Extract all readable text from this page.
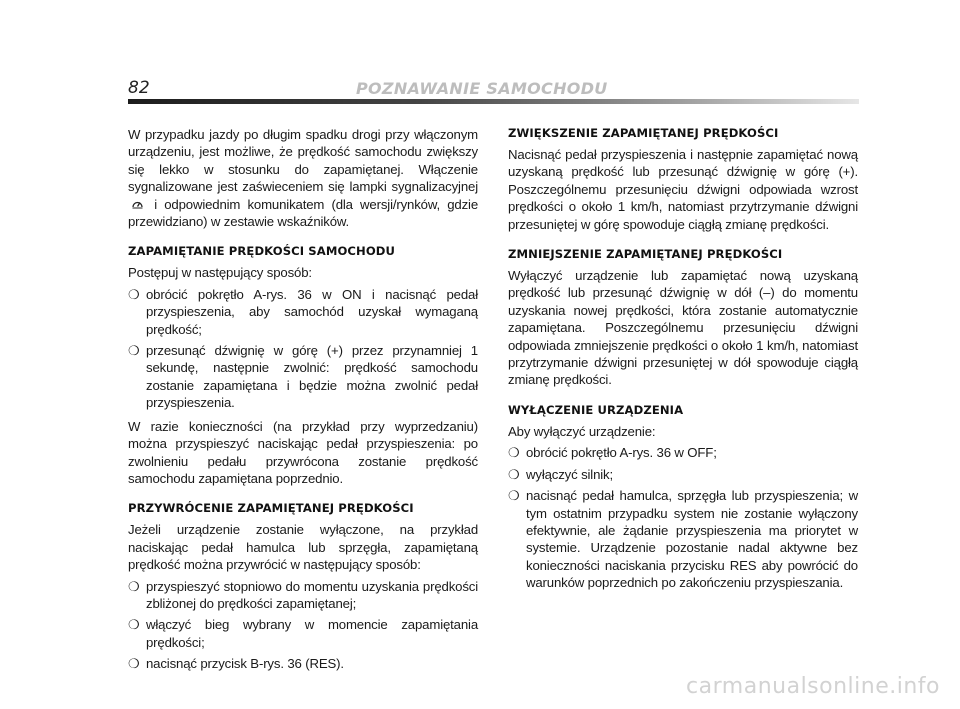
82	POZNAWANIE SAMOCHODU

W przypadku jazdy po długim spadku drogi przy włączonym urządzeniu, jest możliwe, że prędkość samochodu zwiększy się lekko w stosunku do zapamiętanej. Włączenie sygnalizowane jest zaświeceniem się lampki sygnalizacyjnej  i odpowiednim komunikatem (dla wersji/rynków, gdzie przewidziano) w zestawie wskaźników.

ZAPAMIĘTANIE PRĘDKOŚCI SAMOCHODU

Postępuj w następujący sposób:

❍ obrócić pokrętło A-rys. 36 w ON i nacisnąć pedał przyspieszenia, aby samochód uzyskał wymaganą prędkość;
❍ przesunąć dźwignię w górę (+) przez przynamniej 1 sekundę, następnie zwolnić: prędkość samochodu zostanie zapamiętana i będzie można zwolnić pedał przyspieszenia.

W razie konieczności (na przykład przy wyprzedzaniu) można przyspieszyć naciskając pedał przyspieszenia: po zwolnieniu pedału przywrócona zostanie prędkość samochodu zapamiętana poprzednio.

PRZYWRÓCENIE ZAPAMIĘTANEJ PRĘDKOŚCI

Jeżeli urządzenie zostanie wyłączone, na przykład naciskając pedał hamulca lub sprzęgła, zapamiętaną prędkość można przywrócić w następujący sposób:

❍ przyspieszyć stopniowo do momentu uzyskania prędkości zbliżonej do prędkości zapamiętanej;
❍ włączyć bieg wybrany w momencie zapamiętania prędkości;
❍ nacisnąć przycisk B-rys. 36 (RES).
ZWIĘKSZENIE ZAPAMIĘTANEJ PRĘDKOŚCI

Nacisnąć pedał przyspieszenia i następnie zapamiętać nową uzyskaną prędkość lub przesunąć dźwignię w górę (+). Poszczególnemu przesunięciu dźwigni odpowiada wzrost prędkości o około 1 km/h, natomiast przytrzymanie dźwigni przesuniętej w górę spowoduje ciągłą zmianę prędkości.

ZMNIEJSZENIE ZAPAMIĘTANEJ PRĘDKOŚCI

Wyłączyć urządzenie lub zapamiętać nową uzyskaną prędkość lub przesunąć dźwignię w dół (–) do momentu uzyskania nowej prędkości, która zostanie automatycznie zapamiętana. Poszczególnemu przesunięciu dźwigni odpowiada zmniejszenie prędkości o około 1 km/h, natomiast przytrzymanie dźwigni przesuniętej w dół spowoduje ciągłą zmianę prędkości.

WYŁĄCZENIE URZĄDZENIA

Aby wyłączyć urządzenie:

❍ obrócić pokrętło A-rys. 36 w OFF;
❍ wyłączyć silnik;
❍ nacisnąć pedał hamulca, sprzęgła lub przyspieszenia; w tym ostatnim przypadku system nie zostanie wyłączony efektywnie, ale żądanie przyspieszenia ma priorytet w systemie. Urządzenie pozostanie nadal aktywne bez konieczności naciskania przycisku RES aby powrócić do warunków poprzednich po zakończeniu przyspieszania.
carmanualsonline.info
